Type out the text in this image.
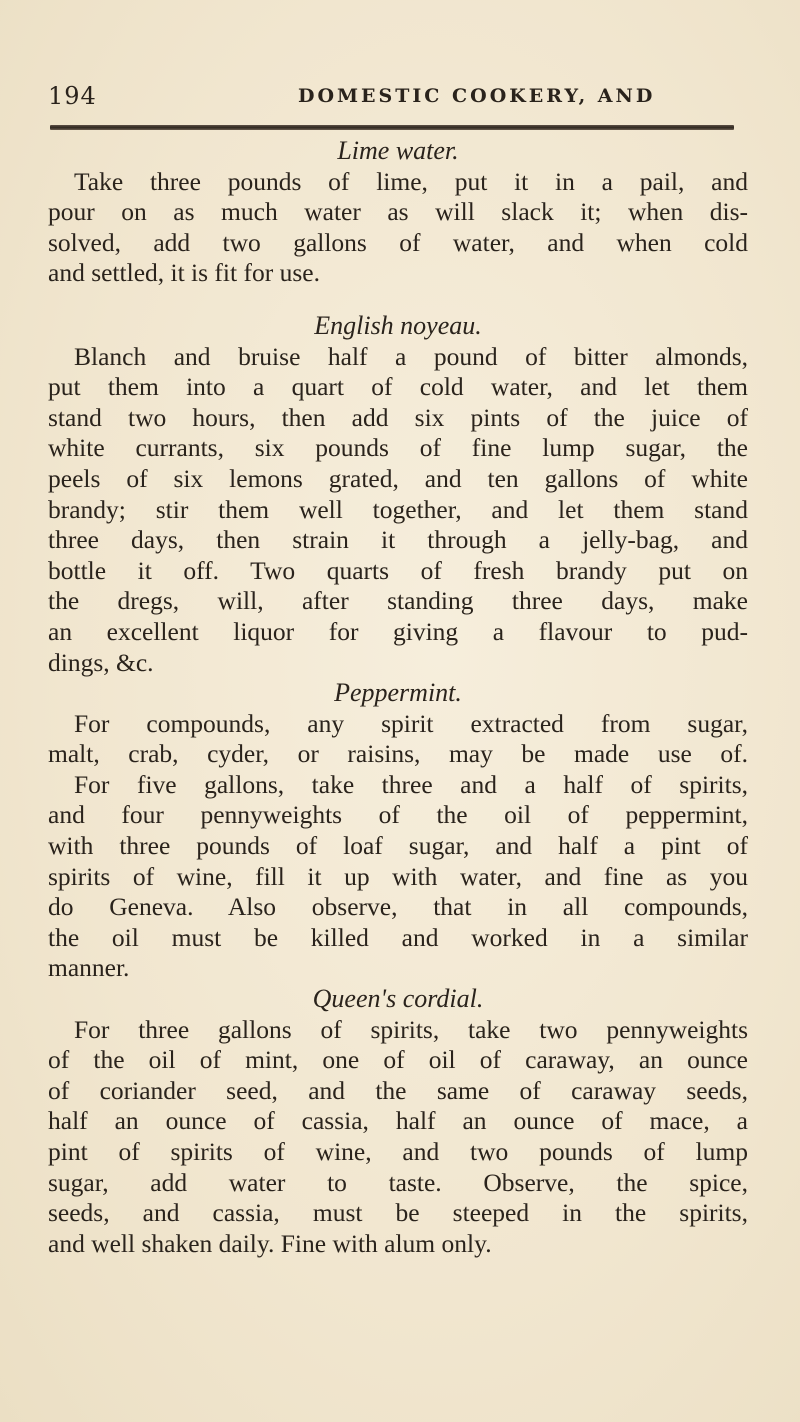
194	DOMESTIC COOKERY, AND
Lime water.
Take three pounds of lime, put it in a pail, and
pour on as much water as will slack it; when dis-
solved, add two gallons of water, and when cold
and settled, it is fit for use.
English noyeau.
Blanch and bruise half a pound of bitter almonds,
put them into a quart of cold water, and let them
stand two hours, then add six pints of the juice of
white currants, six pounds of fine lump sugar, the
peels of six lemons grated, and ten gallons of white
brandy; stir them well together, and let them stand
three days, then strain it through a jelly-bag, and
bottle it off. Two quarts of fresh brandy put on
the dregs, will, after standing three days, make
an excellent liquor for giving a flavour to pud-
dings, &c.
Peppermint.
For compounds, any spirit extracted from sugar,
malt, crab, cyder, or raisins, may be made use of.
For five gallons, take three and a half of spirits,
and four pennyweights of the oil of peppermint,
with three pounds of loaf sugar, and half a pint of
spirits of wine, fill it up with water, and fine as you
do Geneva. Also observe, that in all compounds,
the oil must be killed and worked in a similar
manner.
Queen's cordial.
For three gallons of spirits, take two pennyweights
of the oil of mint, one of oil of caraway, an ounce
of coriander seed, and the same of caraway seeds,
half an ounce of cassia, half an ounce of mace, a
pint of spirits of wine, and two pounds of lump
sugar, add water to taste. Observe, the spice,
seeds, and cassia, must be steeped in the spirits,
and well shaken daily. Fine with alum only.
